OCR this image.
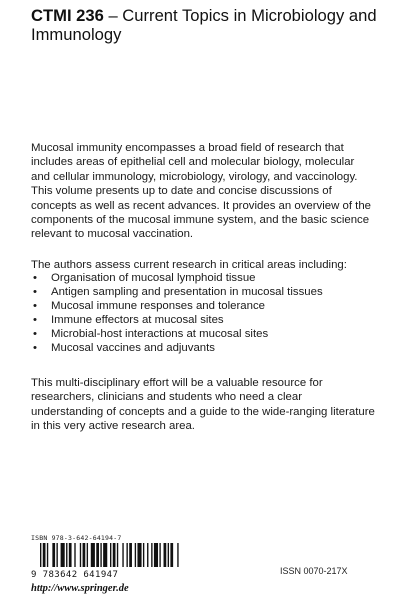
CTMI 236 – Current Topics in Microbiology and Immunology

Mucosal immunity encompasses a broad field of research that includes areas of epithelial cell and molecular biology, molecular and cellular immunology, microbiology, virology, and vaccinology. This volume presents up to date and concise discussions of concepts as well as recent advances. It provides an overview of the components of the mucosal immune system, and the basic science relevant to mucosal vaccination.

The authors assess current research in critical areas including:

• Organisation of mucosal lymphoid tissue
• Antigen sampling and presentation in mucosal tissues
• Mucosal immune responses and tolerance
• Immune effectors at mucosal sites
• Microbial-host interactions at mucosal sites
• Mucosal vaccines and adjuvants

This multi-disciplinary effort will be a valuable resource for researchers, clinicians and students who need a clear understanding of concepts and a guide to the wide-ranging literature in this very active research area.

ISBN 978-3-642-64194-7
9 783642 641947	ISSN 0070-217X
http://www.springer.de
